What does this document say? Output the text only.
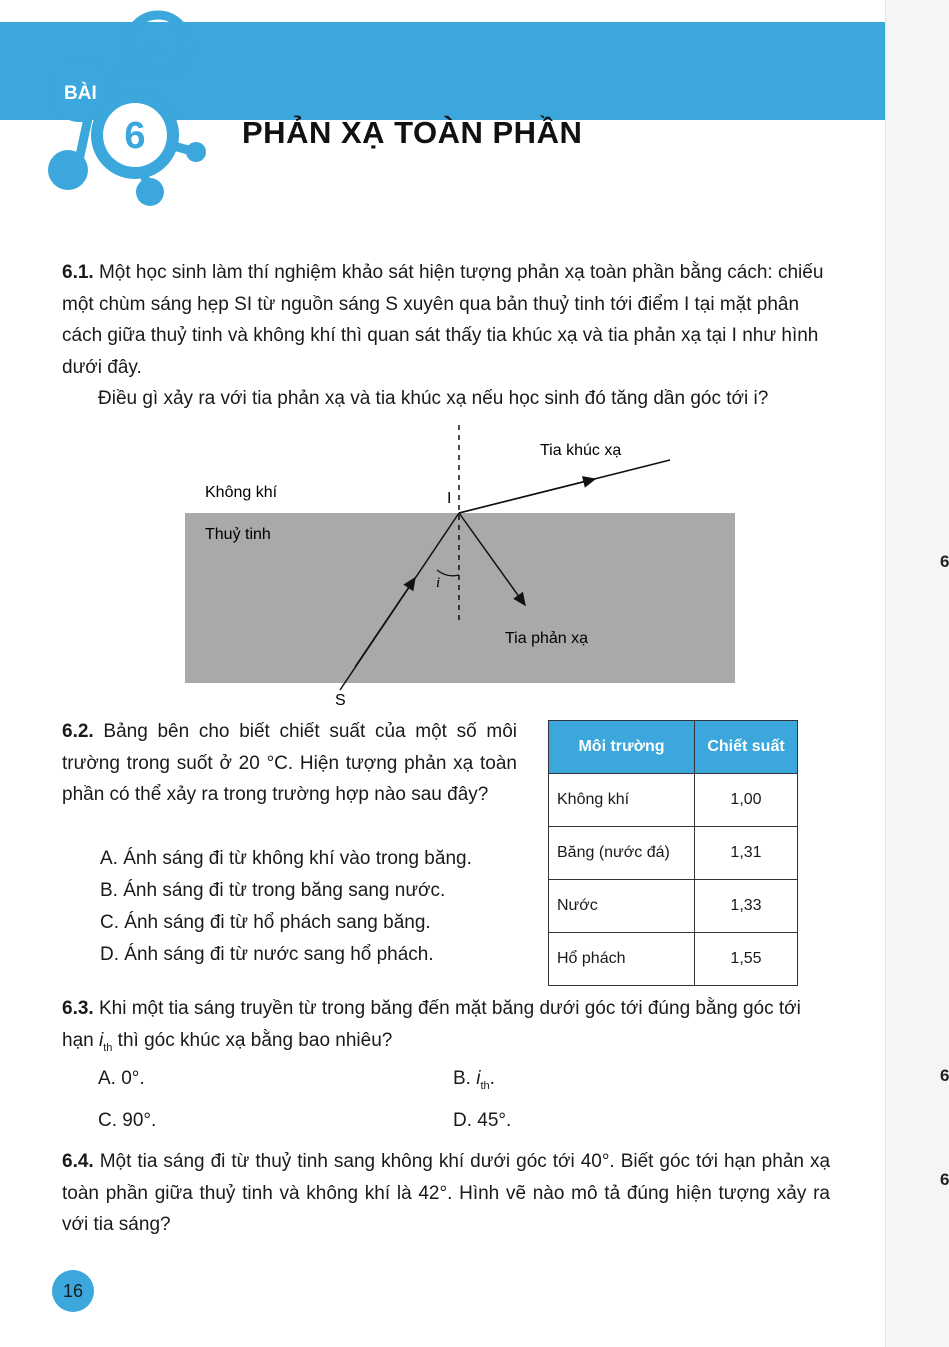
6
6
6
BÀI
6	PHẢN XẠ TOÀN PHẦN

6.1. Một học sinh làm thí nghiệm khảo sát hiện tượng phản xạ toàn phần bằng cách: chiếu một chùm sáng hẹp SI từ nguồn sáng S xuyên qua bản thuỷ tinh tới điểm I tại mặt phân cách giữa thuỷ tinh và không khí thì quan sát thấy tia khúc xạ và tia phản xạ tại I như hình dưới đây.

Điều gì xảy ra với tia phản xạ và tia khúc xạ nếu học sinh đó tăng dần góc tới i?

Tia khúc xạ
Không khí	I
Thuỷ tinh
i
Tia phản xạ
S

6.2. Bảng bên cho biết chiết suất của một số môi trường trong suốt ở 20 °C. Hiện tượng phản xạ toàn phần có thể xảy ra trong trường hợp nào sau đây?

A. Ánh sáng đi từ không khí vào trong băng.

B. Ánh sáng đi từ trong băng sang nước.

C. Ánh sáng đi từ hổ phách sang băng.

D. Ánh sáng đi từ nước sang hổ phách.

Môi trường	Chiết suất
Không khí	1,00
Băng (nước đá)	1,31
Nước	1,33
Hổ phách	1,55

6.3. Khi một tia sáng truyền từ trong băng đến mặt băng dưới góc tới đúng bằng góc tới hạn $i_{th}$ thì góc khúc xạ bằng bao nhiêu?

A. 0°.	B. $i_{th}$.

C. 90°.	D. 45°.

6.4. Một tia sáng đi từ thuỷ tinh sang không khí dưới góc tới 40°. Biết góc tới hạn phản xạ toàn phần giữa thuỷ tinh và không khí là 42°. Hình vẽ nào mô tả đúng hiện tượng xảy ra với tia sáng?

16
